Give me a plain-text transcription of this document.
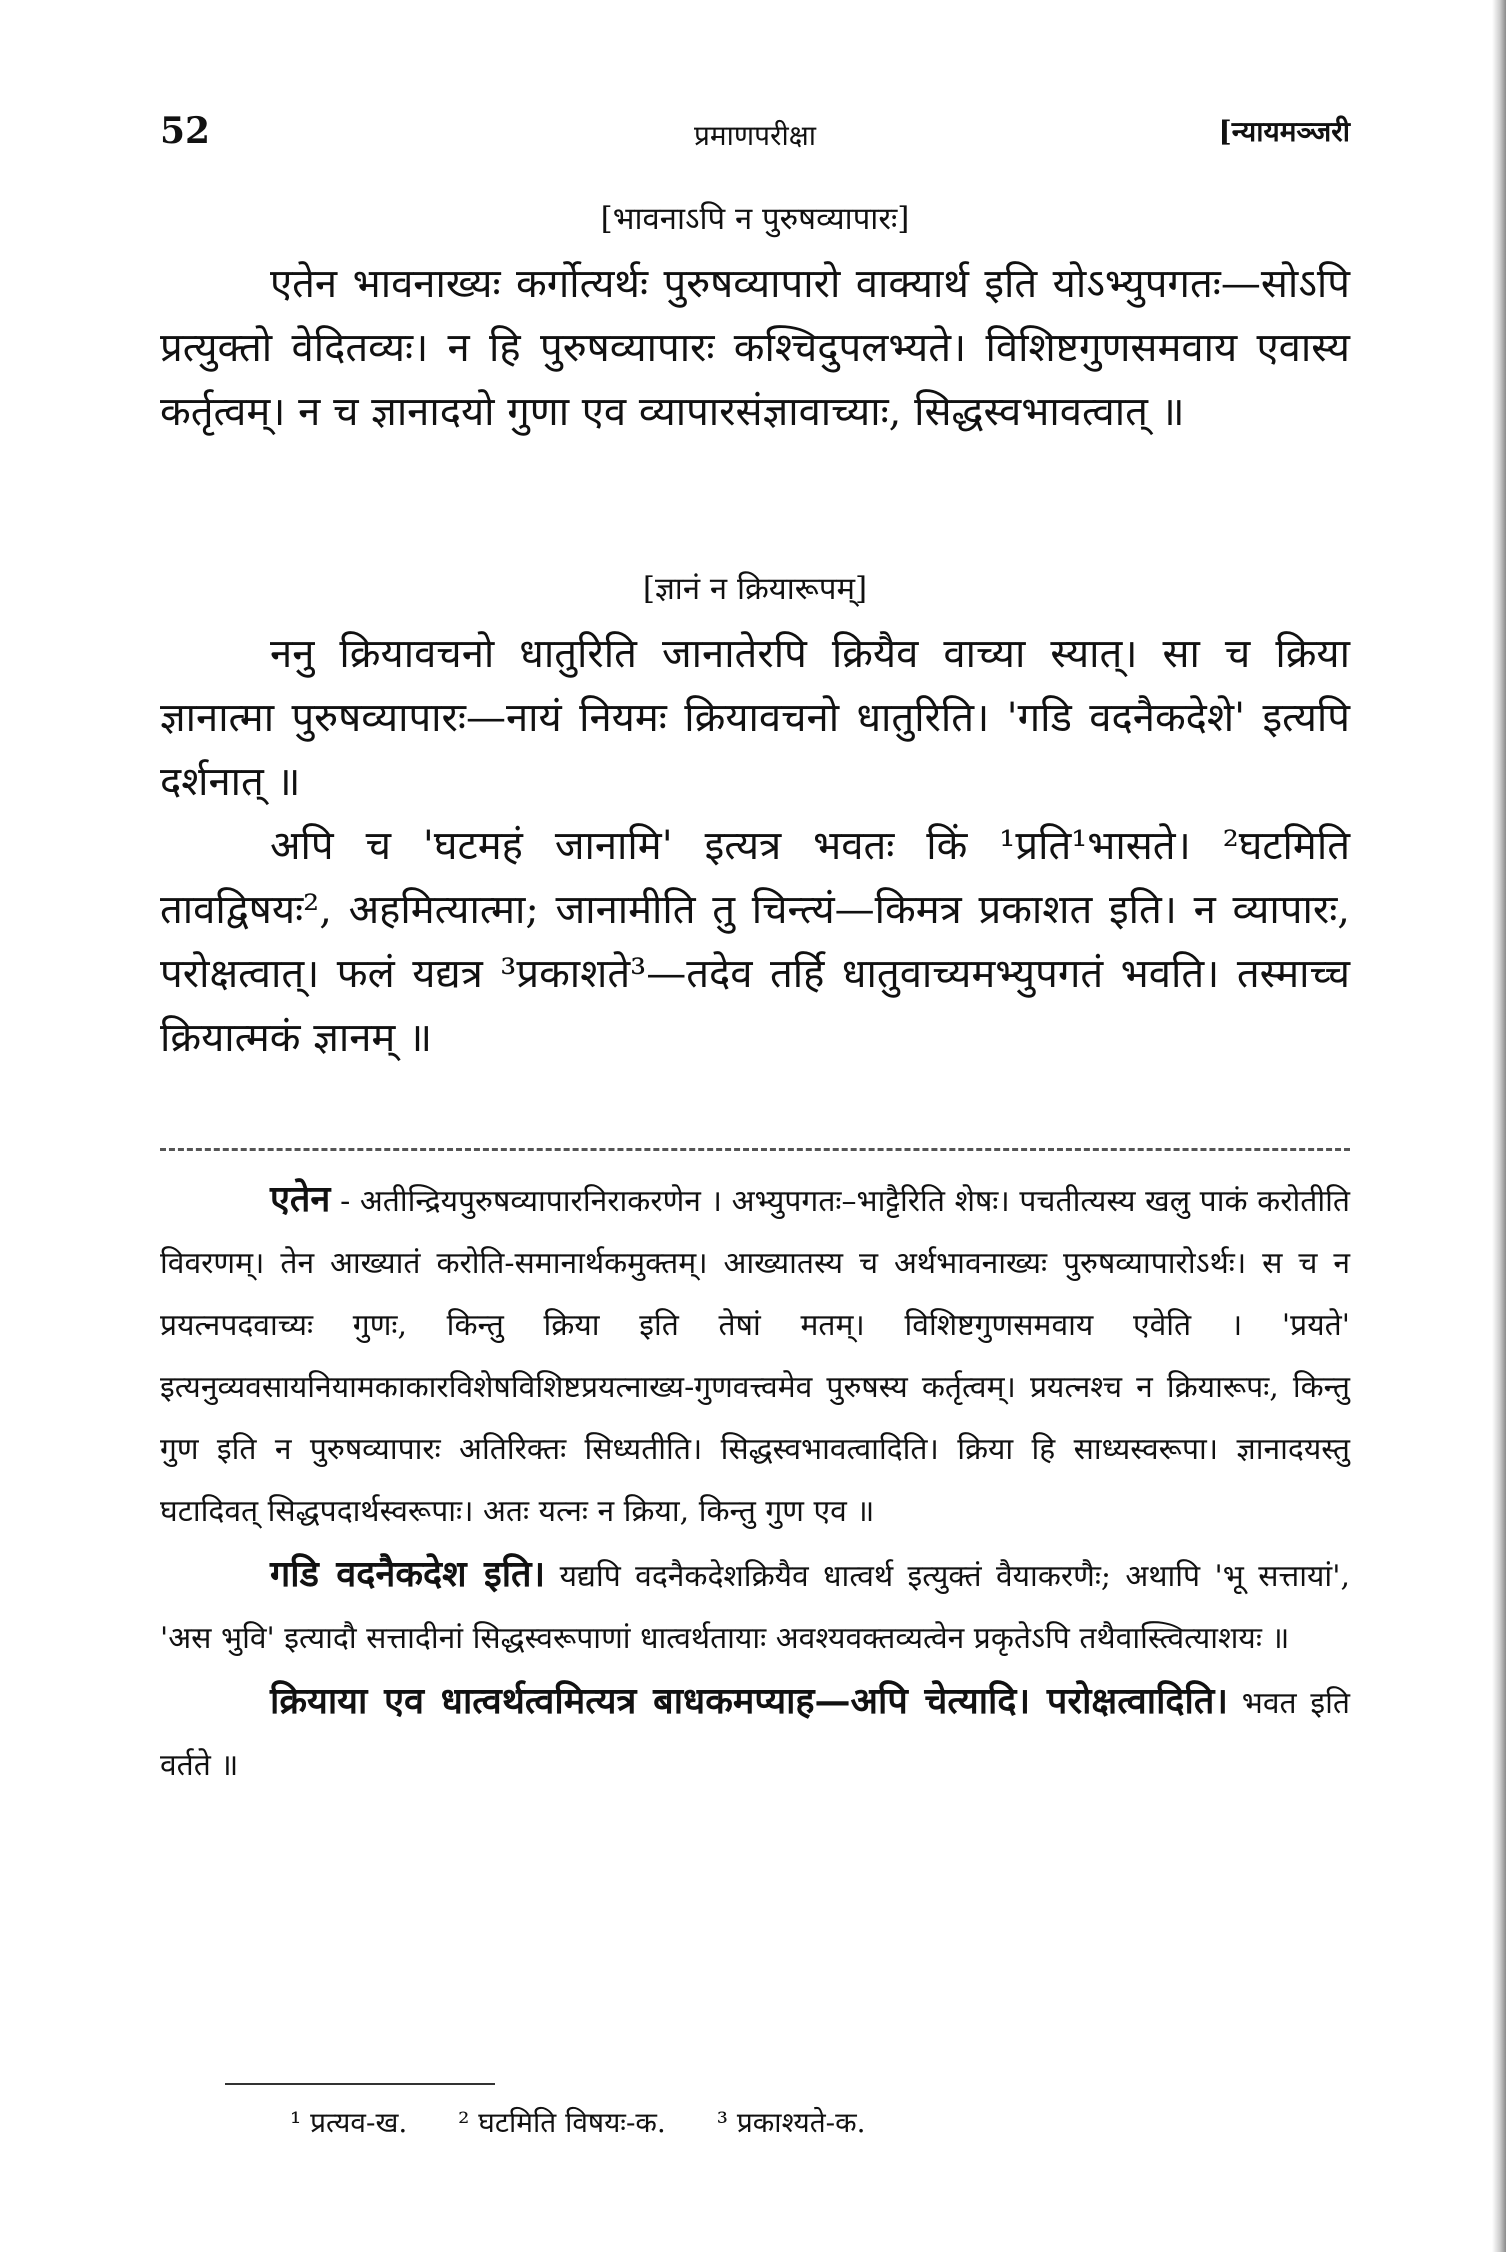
52	प्रमाणपरीक्षा	[न्यायमञ्जरी
[भावनाऽपि न पुरुषव्यापारः]

एतेन भावनाख्यः कर्गोत्यर्थः पुरुषव्यापारो वाक्यार्थ इति योऽभ्युपगतः—सोऽपि प्रत्युक्तो वेदितव्यः। न हि पुरुषव्यापारः कश्चिदुपलभ्यते। विशिष्टगुणसमवाय एवास्य कर्तृत्वम्। न च ज्ञानादयो गुणा एव व्यापारसंज्ञावाच्याः, सिद्धस्वभावत्वात् ॥

[ज्ञानं न क्रियारूपम्]

ननु क्रियावचनो धातुरिति जानातेरपि क्रियैव वाच्या स्यात्। सा च क्रिया ज्ञानात्मा पुरुषव्यापारः—नायं नियमः क्रियावचनो धातुरिति। 'गडि वदनैकदेशे' इत्यपि दर्शनात् ॥

अपि च 'घटमहं जानामि' इत्यत्र भवतः किं ¹प्रति¹भासते। ²घटमिति तावद्विषयः², अहमित्यात्मा; जानामीति तु चिन्त्यं—किमत्र प्रकाशत इति। न व्यापारः, परोक्षत्वात्। फलं यद्यत्र ³प्रकाशते³—तदेव तर्हि धातुवाच्यमभ्युपगतं भवति। तस्माच्च क्रियात्मकं ज्ञानम् ॥

एतेन - अतीन्द्रियपुरुषव्यापारनिराकरणेन । अभ्युपगतः–भाट्टैरिति शेषः। पचतीत्यस्य खलु पाकं करोतीति विवरणम्। तेन आख्यातं करोति-समानार्थकमुक्तम्। आख्यातस्य च अर्थभावनाख्यः पुरुषव्यापारोऽर्थः। स च न प्रयत्नपदवाच्यः गुणः, किन्तु क्रिया इति तेषां मतम्। विशिष्टगुणसमवाय एवेति । 'प्रयते' इत्यनुव्यवसायनियामकाकारविशेषविशिष्टप्रयत्नाख्य-गुणवत्त्वमेव पुरुषस्य कर्तृत्वम्। प्रयत्नश्च न क्रियारूपः, किन्तु गुण इति न पुरुषव्यापारः अतिरिक्तः सिध्यतीति। सिद्धस्वभावत्वादिति। क्रिया हि साध्यस्वरूपा। ज्ञानादयस्तु घटादिवत् सिद्धपदार्थस्वरूपाः। अतः यत्नः न क्रिया, किन्तु गुण एव ॥

गडि वदनैकदेश इति। यद्यपि वदनैकदेशक्रियैव धात्वर्थ इत्युक्तं वैयाकरणैः; अथापि 'भू सत्तायां', 'अस भुवि' इत्यादौ सत्तादीनां सिद्धस्वरूपाणां धात्वर्थतायाः अवश्यवक्तव्यत्वेन प्रकृतेऽपि तथैवास्त्वित्याशयः ॥

क्रियाया एव धात्वर्थत्वमित्यत्र बाधकमप्याह—अपि चेत्यादि। परोक्षत्वादिति। भवत इति वर्तते ॥

¹ प्रत्यव-ख. ² घटमिति विषयः-क. ³ प्रकाश्यते-क.
